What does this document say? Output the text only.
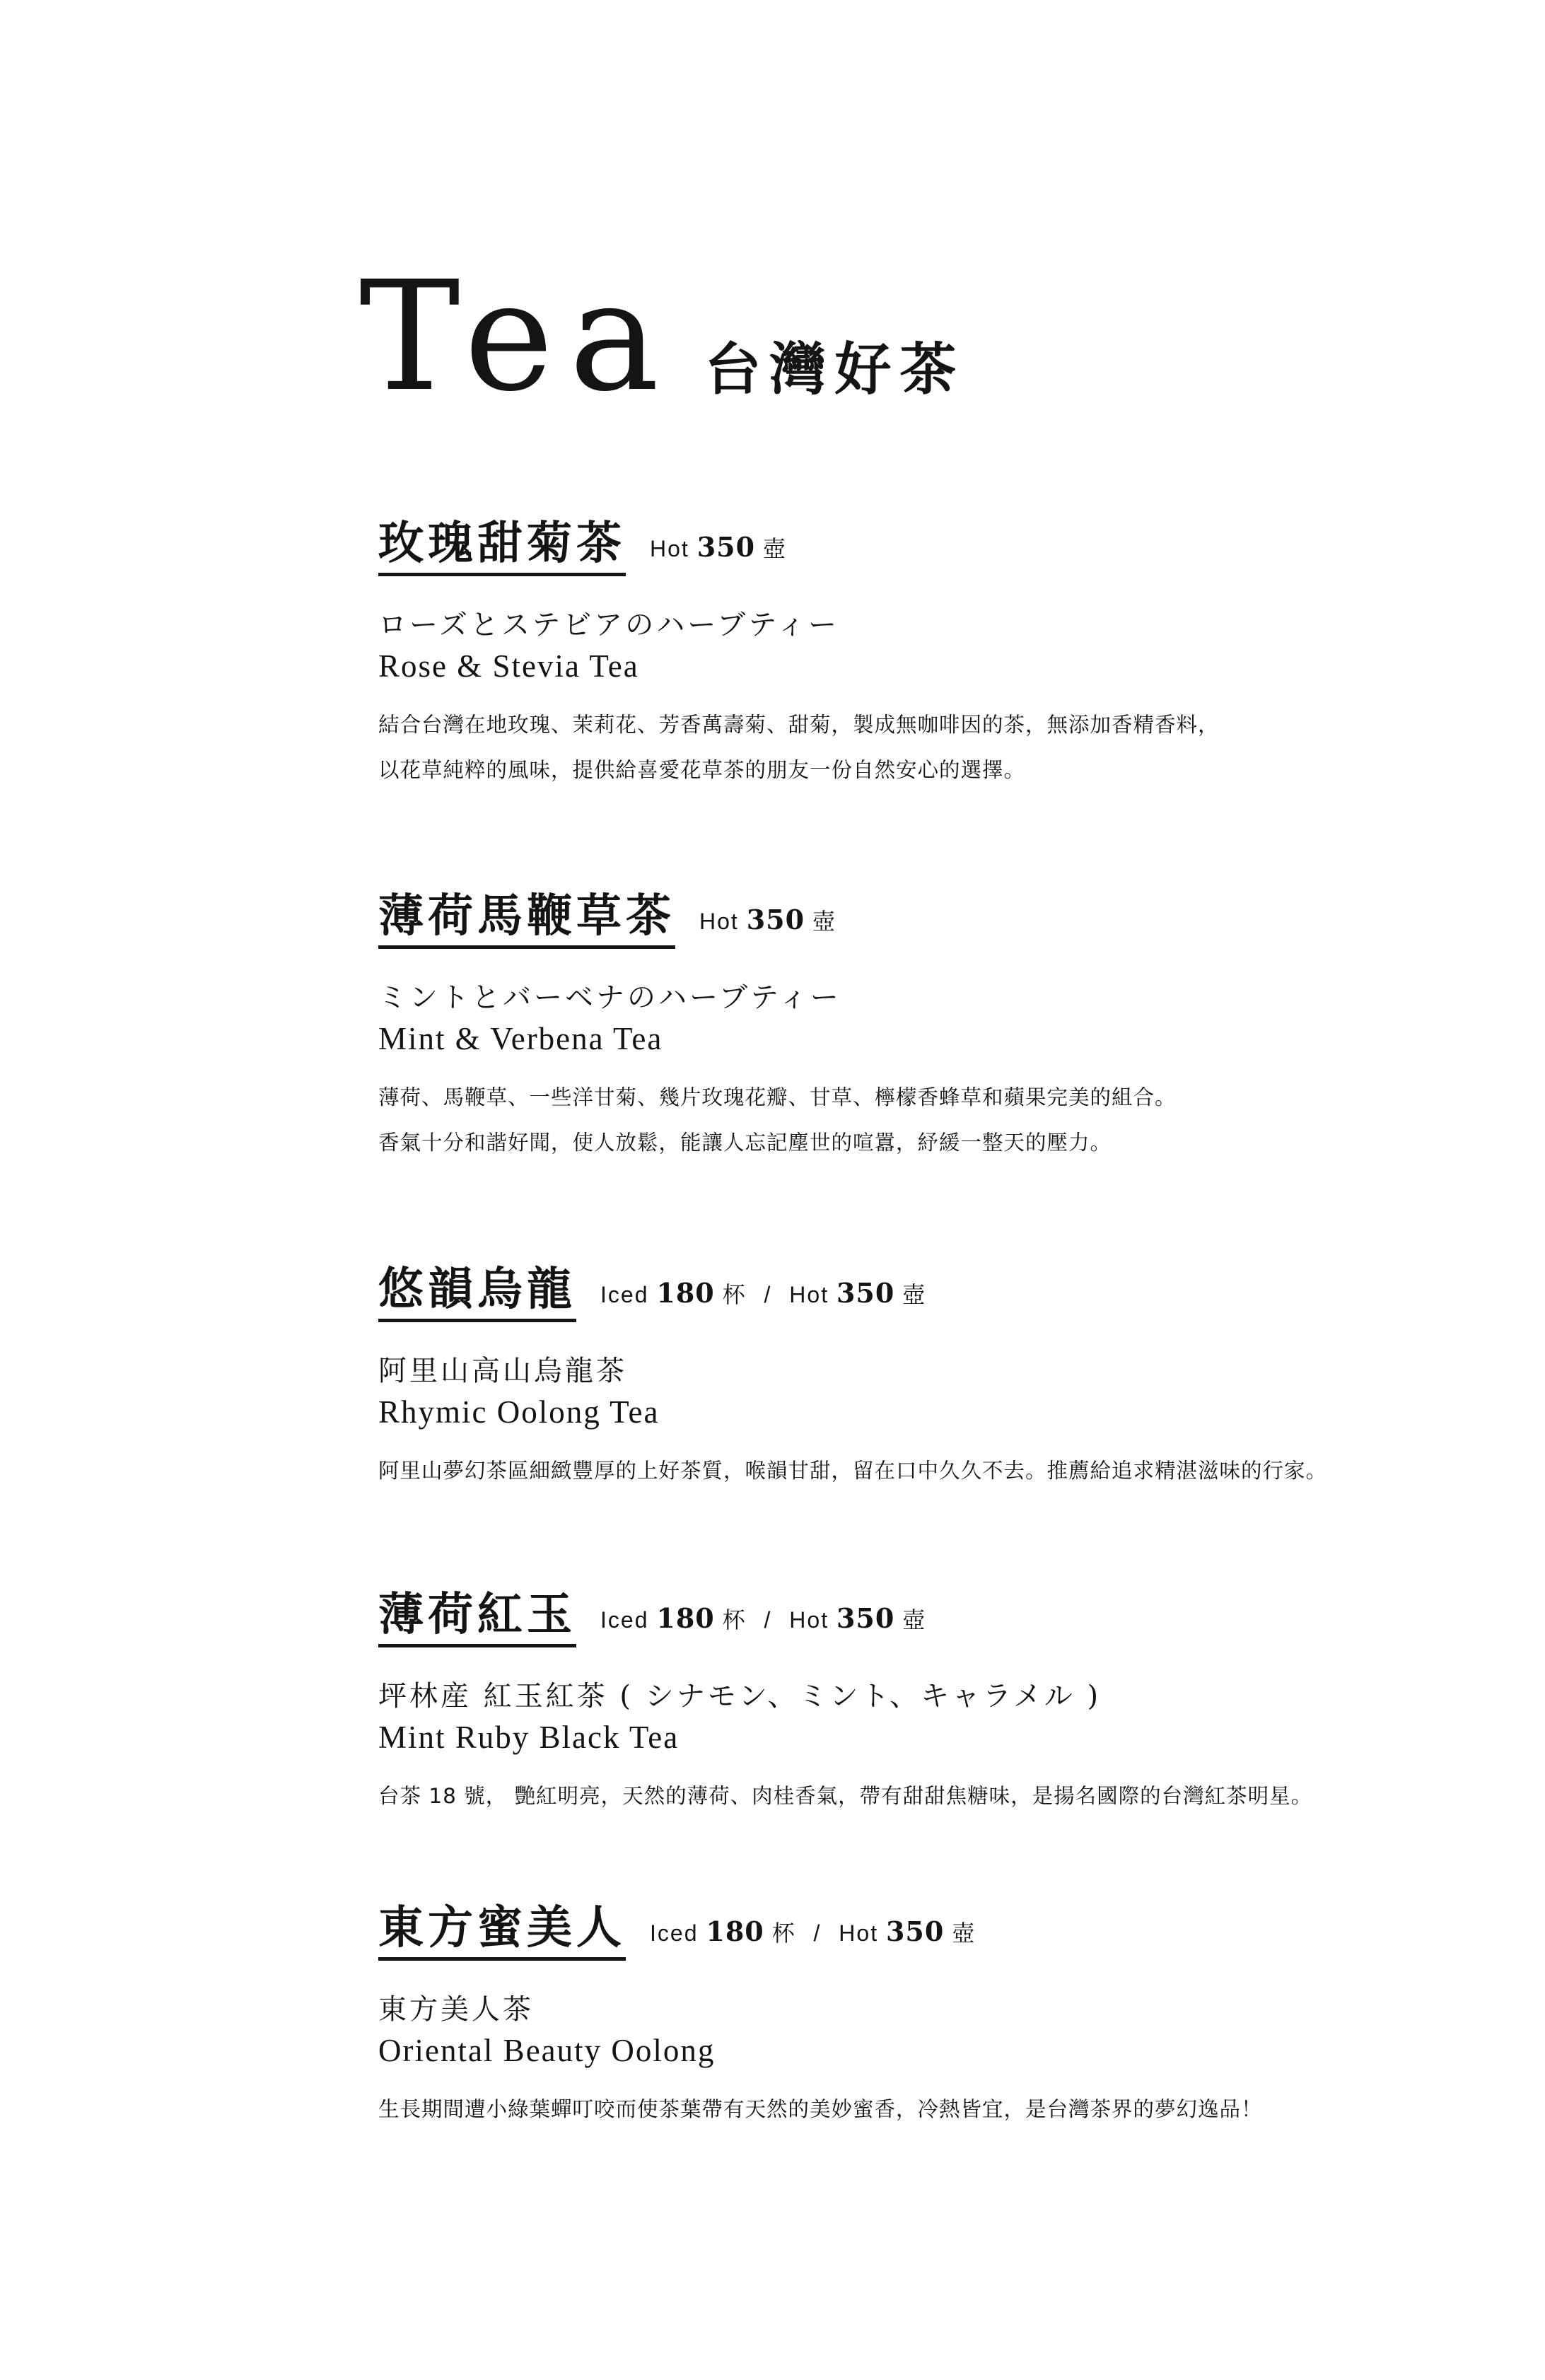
Tea 台灣好茶
玫瑰甜菊茶 Hot 350 壺
ローズとステビアのハーブティー
Rose & Stevia Tea
結合台灣在地玫瑰、茉莉花、芳香萬壽菊、甜菊，製成無咖啡因的茶，無添加香精香料，
以花草純粹的風味，提供給喜愛花草茶的朋友一份自然安心的選擇。
薄荷馬鞭草茶 Hot 350 壺
ミントとバーベナのハーブティー
Mint & Verbena Tea
薄荷、馬鞭草、一些洋甘菊、幾片玫瑰花瓣、甘草、檸檬香蜂草和蘋果完美的組合。
香氣十分和諧好聞，使人放鬆，能讓人忘記塵世的喧囂，紓緩一整天的壓力。
悠韻烏龍 Iced 180 杯 / Hot 350 壺
阿里山高山烏龍茶
Rhymic Oolong Tea
阿里山夢幻茶區細緻豐厚的上好茶質，喉韻甘甜，留在口中久久不去。推薦給追求精湛滋味的行家。
薄荷紅玉 Iced 180 杯 / Hot 350 壺
坪林産 紅玉紅茶 ( シナモン、ミント、キャラメル )
Mint Ruby Black Tea
台茶 18 號， 艷紅明亮，天然的薄荷、肉桂香氣，帶有甜甜焦糖味，是揚名國際的台灣紅茶明星。
東方蜜美人 Iced 180 杯 / Hot 350 壺
東方美人茶
Oriental Beauty Oolong
生長期間遭小綠葉蟬叮咬而使茶葉帶有天然的美妙蜜香，冷熱皆宜，是台灣茶界的夢幻逸品！
